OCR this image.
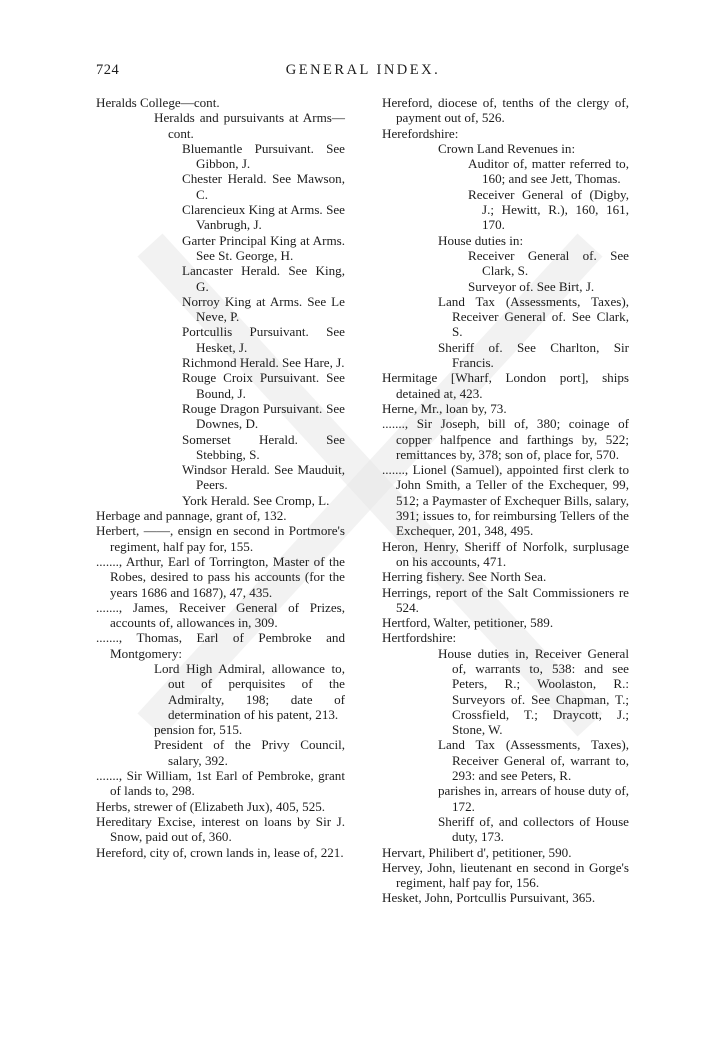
724	GENERAL INDEX.
Heralds College—cont.
Heralds and pursuivants at Arms—cont.
Bluemantle Pursuivant. See Gibbon, J.
Chester Herald. See Mawson, C.
Clarencieux King at Arms. See Vanbrugh, J.
Garter Principal King at Arms. See St. George, H.
Lancaster Herald. See King, G.
Norroy King at Arms. See Le Neve, P.
Portcullis Pursuivant. See Hesket, J.
Richmond Herald. See Hare, J.
Rouge Croix Pursuivant. See Bound, J.
Rouge Dragon Pursuivant. See Downes, D.
Somerset Herald. See Stebbing, S.
Windsor Herald. See Mauduit, Peers.
York Herald. See Cromp, L.
Herbage and pannage, grant of, 132.
Herbert, ——, ensign en second in Portmore's regiment, half pay for, 155.
......., Arthur, Earl of Torrington, Master of the Robes, desired to pass his accounts (for the years 1686 and 1687), 47, 435.
......., James, Receiver General of Prizes, accounts of, allowances in, 309.
......., Thomas, Earl of Pembroke and Montgomery:
Lord High Admiral, allowance to, out of perquisites of the Admiralty, 198; date of determination of his patent, 213.
pension for, 515.
President of the Privy Council, salary, 392.
......., Sir William, 1st Earl of Pembroke, grant of lands to, 298.
Herbs, strewer of (Elizabeth Jux), 405, 525.
Hereditary Excise, interest on loans by Sir J. Snow, paid out of, 360.
Hereford, city of, crown lands in, lease of, 221.
Hereford, diocese of, tenths of the clergy of, payment out of, 526.
Herefordshire:
Crown Land Revenues in:
Auditor of, matter referred to, 160; and see Jett, Thomas.
Receiver General of (Digby, J.; Hewitt, R.), 160, 161, 170.
House duties in:
Receiver General of. See Clark, S.
Surveyor of. See Birt, J.
Land Tax (Assessments, Taxes), Receiver General of. See Clark, S.
Sheriff of. See Charlton, Sir Francis.
Hermitage [Wharf, London port], ships detained at, 423.
Herne, Mr., loan by, 73.
......., Sir Joseph, bill of, 380; coinage of copper halfpence and farthings by, 522; remittances by, 378; son of, place for, 570.
......., Lionel (Samuel), appointed first clerk to John Smith, a Teller of the Exchequer, 99, 512; a Paymaster of Exchequer Bills, salary, 391; issues to, for reimbursing Tellers of the Exchequer, 201, 348, 495.
Heron, Henry, Sheriff of Norfolk, surplusage on his accounts, 471.
Herring fishery. See North Sea.
Herrings, report of the Salt Commissioners re 524.
Hertford, Walter, petitioner, 589.
Hertfordshire:
House duties in, Receiver General of, warrants to, 538: and see Peters, R.; Woolaston, R.: Surveyors of. See Chapman, T.; Crossfield, T.; Draycott, J.; Stone, W.
Land Tax (Assessments, Taxes), Receiver General of, warrant to, 293: and see Peters, R.
parishes in, arrears of house duty of, 172.
Sheriff of, and collectors of House duty, 173.
Hervart, Philibert d', petitioner, 590.
Hervey, John, lieutenant en second in Gorge's regiment, half pay for, 156.
Hesket, John, Portcullis Pursuivant, 365.
